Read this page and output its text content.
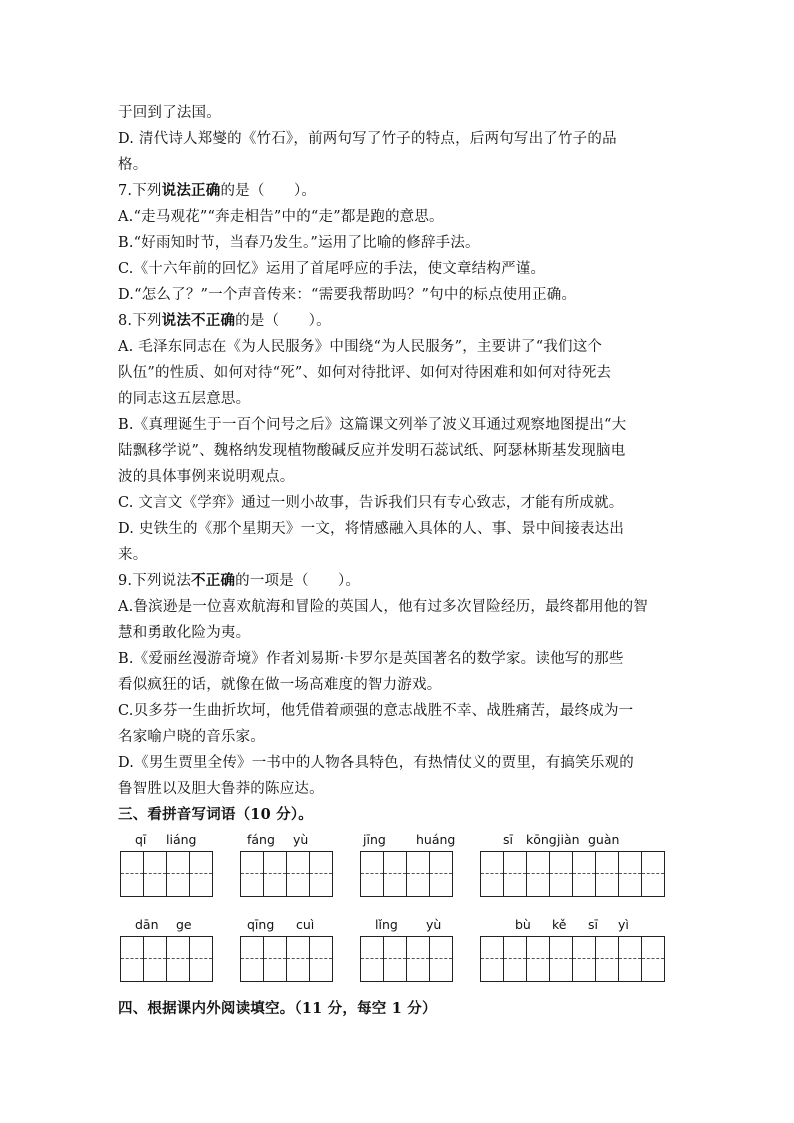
于回到了法国。
D. 清代诗人郑燮的《竹石》，前两句写了竹子的特点，后两句写出了竹子的品
格。
7.下列说法正确的是（　　）。
A.“走马观花”“奔走相告”中的“走”都是跑的意思。
B.“好雨知时节，当春乃发生。”运用了比喻的修辞手法。
C.《十六年前的回忆》运用了首尾呼应的手法，使文章结构严谨。
D.“怎么了？”一个声音传来：“需要我帮助吗？”句中的标点使用正确。
8.下列说法不正确的是（　　）。
A. 毛泽东同志在《为人民服务》中围绕“为人民服务”，主要讲了“我们这个
队伍”的性质、如何对待“死”、如何对待批评、如何对待困难和如何对待死去
的同志这五层意思。
B.《真理诞生于一百个问号之后》这篇课文列举了波义耳通过观察地图提出“大
陆飘移学说”、魏格纳发现植物酸碱反应并发明石蕊试纸、阿瑟林斯基发现脑电
波的具体事例来说明观点。
C. 文言文《学弈》通过一则小故事，告诉我们只有专心致志，才能有所成就。
D. 史铁生的《那个星期天》一文，将情感融入具体的人、事、景中间接表达出
来。
9.下列说法不正确的一项是（　　）。
A.鲁滨逊是一位喜欢航海和冒险的英国人，他有过多次冒险经历，最终都用他的智
慧和勇敢化险为夷。
B.《爱丽丝漫游奇境》作者刘易斯·卡罗尔是英国著名的数学家。读他写的那些
看似疯狂的话，就像在做一场高难度的智力游戏。
C.贝多芬一生曲折坎坷，他凭借着顽强的意志战胜不幸、战胜痛苦，最终成为一
名家喻户晓的音乐家。
D.《男生贾里全传》一书中的人物各具特色，有热情仗义的贾里，有搞笑乐观的
鲁智胜以及胆大鲁莽的陈应达。
三、看拼音写词语（10 分）。
qī liáng	fáng yù	jīng huáng	sī kōng jiàn guàn
dān ge	qīng cuì	lǐng yù	bù kě sī yì
四、根据课内外阅读填空。（11 分，每空 1 分）
